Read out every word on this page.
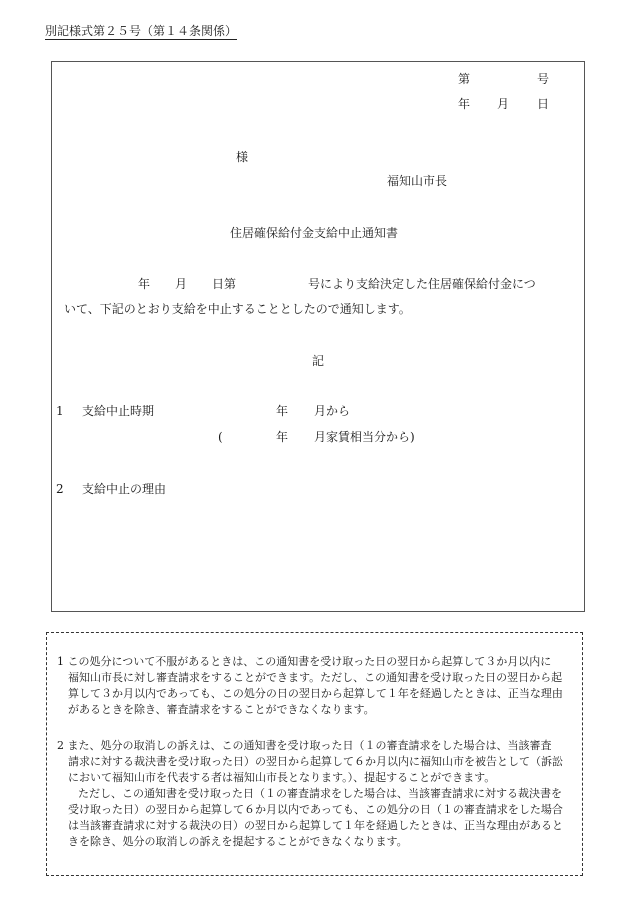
別記様式第２５号（第１４条関係）
第	号
年 月 日
様
福知山市長
住居確保給付金支給中止通知書
年 月 日第	号により支給決定した住居確保給付金につ
いて、下記のとおり支給を中止することとしたので通知します。
記
1 支給中止時期	年 月から
(	年 月家賃相当分から)
2 支給中止の理由
1 この処分について不服があるときは、この通知書を受け取った日の翌日から起算して３か月以内に
福知山市長に対し審査請求をすることができます。ただし、この通知書を受け取った日の翌日から起
算して３か月以内であっても、この処分の日の翌日から起算して１年を経過したときは、正当な理由
があるときを除き、審査請求をすることができなくなります。
2 また、処分の取消しの訴えは、この通知書を受け取った日（１の審査請求をした場合は、当該審査
請求に対する裁決書を受け取った日）の翌日から起算して６か月以内に福知山市を被告として（訴訟
において福知山市を代表する者は福知山市長となります。）、提起することができます。
ただし、この通知書を受け取った日（１の審査請求をした場合は、当該審査請求に対する裁決書を
受け取った日）の翌日から起算して６か月以内であっても、この処分の日（１の審査請求をした場合
は当該審査請求に対する裁決の日）の翌日から起算して１年を経過したときは、正当な理由があると
きを除き、処分の取消しの訴えを提起することができなくなります。
